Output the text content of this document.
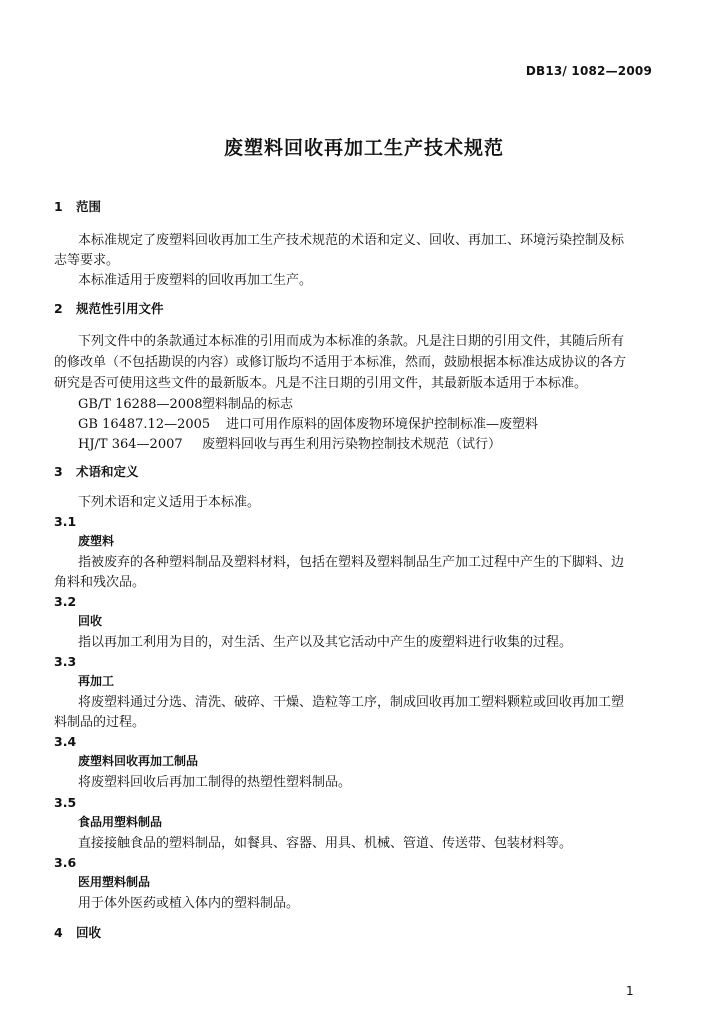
DB13/ 1082—2009
废塑料回收再加工生产技术规范
1 范围
本标准规定了废塑料回收再加工生产技术规范的术语和定义、回收、再加工、环境污染控制及标
志等要求。
本标准适用于废塑料的回收再加工生产。
2 规范性引用文件
下列文件中的条款通过本标准的引用而成为本标准的条款。凡是注日期的引用文件，其随后所有
的修改单（不包括勘误的内容）或修订版均不适用于本标准，然而，鼓励根据本标准达成协议的各方
研究是否可使用这些文件的最新版本。凡是不注日期的引用文件，其最新版本适用于本标准。
GB/T 16288—2008塑料制品的标志
GB 16487.12—2005 进口可用作原料的固体废物环境保护控制标准—废塑料
HJ/T 364—2007 废塑料回收与再生利用污染物控制技术规范（试行）
3 术语和定义
下列术语和定义适用于本标准。
3.1
废塑料
指被废弃的各种塑料制品及塑料材料，包括在塑料及塑料制品生产加工过程中产生的下脚料、边
角料和残次品。
3.2
回收
指以再加工利用为目的，对生活、生产以及其它活动中产生的废塑料进行收集的过程。
3.3
再加工
将废塑料通过分选、清洗、破碎、干燥、造粒等工序，制成回收再加工塑料颗粒或回收再加工塑
料制品的过程。
3.4
废塑料回收再加工制品
将废塑料回收后再加工制得的热塑性塑料制品。
3.5
食品用塑料制品
直接接触食品的塑料制品，如餐具、容器、用具、机械、管道、传送带、包装材料等。
3.6
医用塑料制品
用于体外医药或植入体内的塑料制品。
4 回收
1
